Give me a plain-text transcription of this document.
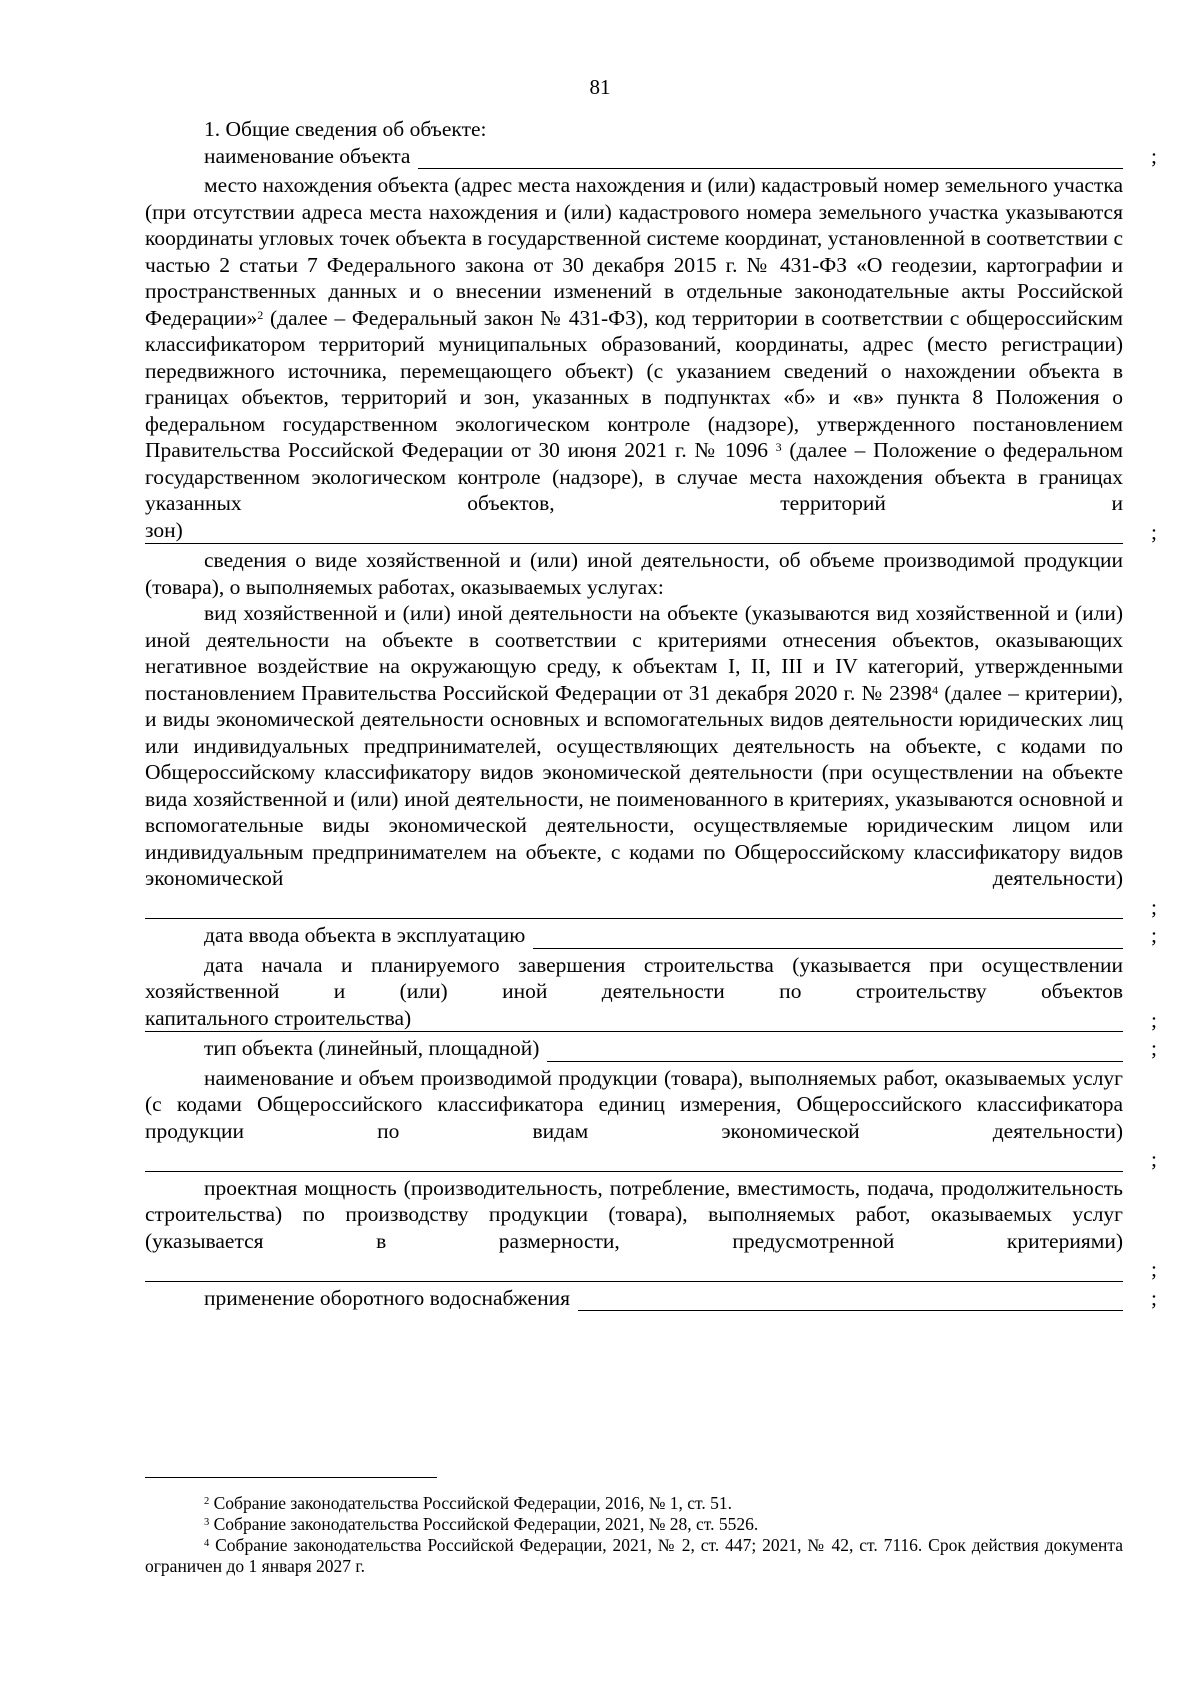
81
1. Общие сведения об объекте:
наименование объекта	;
место нахождения объекта (адрес места нахождения и (или) кадастровый номер земельного участка (при отсутствии адреса места нахождения и (или) кадастрового номера земельного участка указываются координаты угловых точек объекта в государственной системе координат, установленной в соответствии с частью 2 статьи 7 Федерального закона от 30 декабря 2015 г. № 431-ФЗ «О геодезии, картографии и пространственных данных и о внесении изменений в отдельные законодательные акты Российской Федерации»$^2$ (далее – Федеральный закон № 431-ФЗ), код территории в соответствии с общероссийским классификатором территорий муниципальных образований, координаты, адрес (место регистрации) передвижного источника, перемещающего объект) (с указанием сведений о нахождении объекта в границах объектов, территорий и зон, указанных в подпунктах «б» и «в» пункта 8 Положения о федеральном государственном экологическом контроле (надзоре), утвержденного постановлением Правительства Российской Федерации от 30 июня 2021 г. № 1096 $^3$ (далее – Положение о федеральном государственном экологическом контроле (надзоре), в случае места нахождения объекта в границах указанных объектов, территорий и
зон)	;
сведения о виде хозяйственной и (или) иной деятельности, об объеме производимой продукции (товара), о выполняемых работах, оказываемых услугах:
вид хозяйственной и (или) иной деятельности на объекте (указываются вид хозяйственной и (или) иной деятельности на объекте в соответствии с критериями отнесения объектов, оказывающих негативное воздействие на окружающую среду, к объектам I, II, III и IV категорий, утвержденными постановлением Правительства Российской Федерации от 31 декабря 2020 г. № 2398$^4$ (далее – критерии), и виды экономической деятельности основных и вспомогательных видов деятельности юридических лиц или индивидуальных предпринимателей, осуществляющих деятельность на объекте, с кодами по Общероссийскому классификатору видов экономической деятельности (при осуществлении на объекте вида хозяйственной и (или) иной деятельности, не поименованного в критериях, указываются основной и вспомогательные виды экономической деятельности, осуществляемые юридическим лицом или индивидуальным предпринимателем на объекте, с кодами по Общероссийскому классификатору видов экономической деятельности)
;
дата ввода объекта в эксплуатацию	;
дата начала и планируемого завершения строительства (указывается при осуществлении хозяйственной и (или) иной деятельности по строительству объектов
капитального строительства)	;
тип объекта (линейный, площадной)	;
наименование и объем производимой продукции (товара), выполняемых работ, оказываемых услуг (с кодами Общероссийского классификатора единиц измерения, Общероссийского классификатора продукции по видам экономической деятельности)
;
проектная мощность (производительность, потребление, вместимость, подача, продолжительность строительства) по производству продукции (товара), выполняемых работ, оказываемых услуг (указывается в размерности, предусмотренной критериями)
;
применение оборотного водоснабжения	;
$^2$ Собрание законодательства Российской Федерации, 2016, № 1, ст. 51.
$^3$ Собрание законодательства Российской Федерации, 2021, № 28, ст. 5526.
$^4$ Собрание законодательства Российской Федерации, 2021, № 2, ст. 447; 2021, № 42, ст. 7116. Срок действия документа ограничен до 1 января 2027 г.
